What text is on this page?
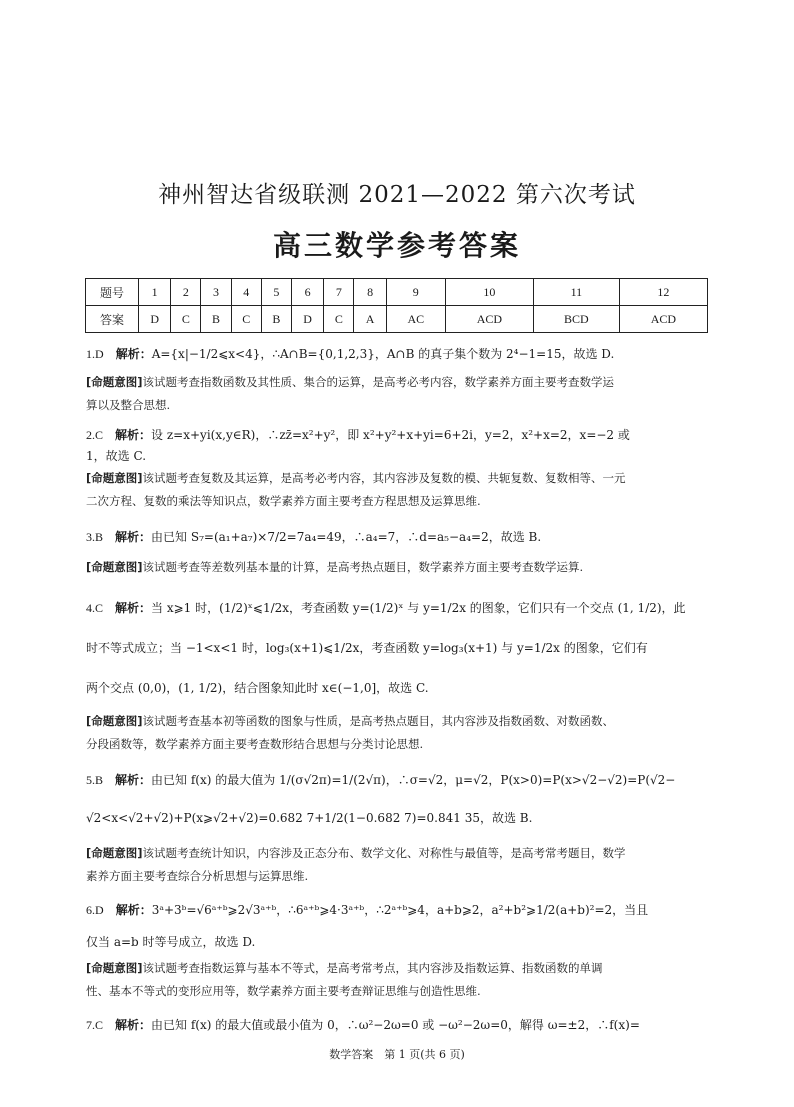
神州智达省级联测 2021—2022 第六次考试
高三数学参考答案
题号	1	2	3	4	5	6	7	8	9	10	11	12
答案	D	C	B	C	B	D	C	A	AC	ACD	BCD	ACD
1.D　 解析：A={x|−1/2⩽x<4}，∴A∩B={0,1,2,3}，A∩B 的真子集个数为 2⁴−1=15，故选 D.
[命题意图]该试题考查指数函数及其性质、集合的运算，是高考必考内容，数学素养方面主要考查数学运
算以及整合思想.
2.C　 解析：设 z=x+yi(x,y∈R)，∴zz̄=x²+y²，即 x²+y²+x+yi=6+2i，y=2，x²+x=2，x=−2 或
1，故选 C.
[命题意图]该试题考查复数及其运算，是高考必考内容，其内容涉及复数的模、共轭复数、复数相等、一元
二次方程、复数的乘法等知识点，数学素养方面主要考查方程思想及运算思维.
3.B　 解析：由已知 S₇=(a₁+a₇)×7/2=7a₄=49，∴a₄=7，∴d=a₅−a₄=2，故选 B.
[命题意图]该试题考查等差数列基本量的计算，是高考热点题目，数学素养方面主要考查数学运算.
4.C　 解析：当 x⩾1 时，(1/2)ˣ⩽1/2x，考查函数 y=(1/2)ˣ 与 y=1/2x 的图象，它们只有一个交点 (1, 1/2)，此
时不等式成立；当 −1<x<1 时，log₃(x+1)⩽1/2x，考查函数 y=log₃(x+1) 与 y=1/2x 的图象，它们有
两个交点 (0,0)，(1, 1/2)，结合图象知此时 x∈(−1,0]，故选 C.
[命题意图]该试题考查基本初等函数的图象与性质，是高考热点题目，其内容涉及指数函数、对数函数、
分段函数等，数学素养方面主要考查数形结合思想与分类讨论思想.
5.B　 解析：由已知 f(x) 的最大值为 1/(σ√2π)=1/(2√π)，∴σ=√2，μ=√2，P(x>0)=P(x>√2−√2)=P(√2−
√2<x<√2+√2)+P(x⩾√2+√2)=0.682 7+1/2(1−0.682 7)=0.841 35，故选 B.
[命题意图]该试题考查统计知识，内容涉及正态分布、数学文化、对称性与最值等，是高考常考题目，数学
素养方面主要考查综合分析思想与运算思维.
6.D　 解析：3ᵃ+3ᵇ=√6ᵃ⁺ᵇ⩾2√3ᵃ⁺ᵇ，∴6ᵃ⁺ᵇ⩾4·3ᵃ⁺ᵇ，∴2ᵃ⁺ᵇ⩾4，a+b⩾2，a²+b²⩾1/2(a+b)²=2，当且
仅当 a=b 时等号成立，故选 D.
[命题意图]该试题考查指数运算与基本不等式，是高考常考点，其内容涉及指数运算、指数函数的单调
性、基本不等式的变形应用等，数学素养方面主要考查辩证思维与创造性思维.
7.C　 解析：由已知 f(x) 的最大值或最小值为 0，∴ω²−2ω=0 或 −ω²−2ω=0，解得 ω=±2，∴f(x)=
数学答案　第 1 页(共 6 页)
